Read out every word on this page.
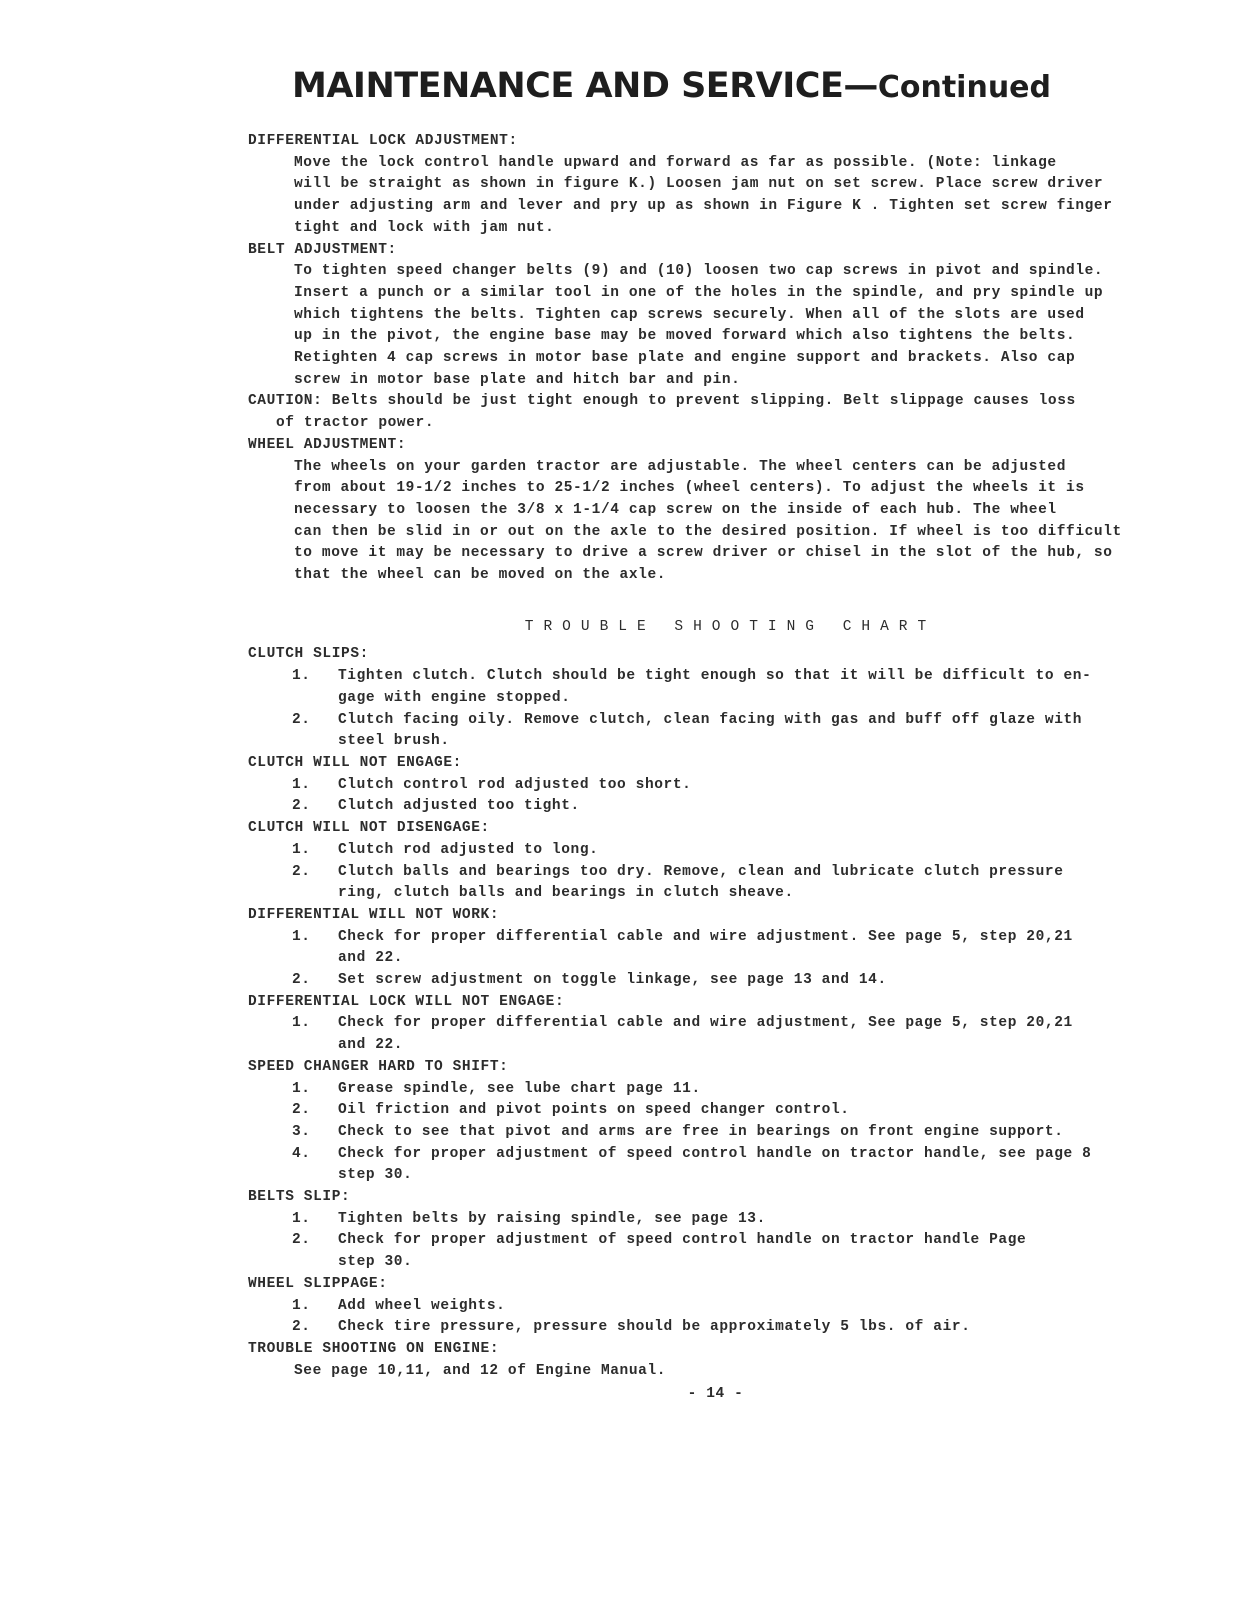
MAINTENANCE AND SERVICE—Continued
DIFFERENTIAL LOCK ADJUSTMENT:
Move the lock control handle upward and forward as far as possible. (Note: linkage
will be straight as shown in figure K.) Loosen jam nut on set screw. Place screw driver
under adjusting arm and lever and pry up as shown in Figure K . Tighten set screw finger
tight and lock with jam nut.
BELT ADJUSTMENT:
To tighten speed changer belts (9) and (10) loosen two cap screws in pivot and spindle.
Insert a punch or a similar tool in one of the holes in the spindle, and pry spindle up
which tightens the belts. Tighten cap screws securely. When all of the slots are used
up in the pivot, the engine base may be moved forward which also tightens the belts.
Retighten 4 cap screws in motor base plate and engine support and brackets. Also cap
screw in motor base plate and hitch bar and pin.
CAUTION: Belts should be just tight enough to prevent slipping. Belt slippage causes loss
of tractor power.
WHEEL ADJUSTMENT:
The wheels on your garden tractor are adjustable. The wheel centers can be adjusted
from about 19-1/2 inches to 25-1/2 inches (wheel centers). To adjust the wheels it is
necessary to loosen the 3/8 x 1-1/4 cap screw on the inside of each hub. The wheel
can then be slid in or out on the axle to the desired position. If wheel is too difficult
to move it may be necessary to drive a screw driver or chisel in the slot of the hub, so
that the wheel can be moved on the axle.
TROUBLE SHOOTING CHART
CLUTCH SLIPS:
1.	Tighten clutch. Clutch should be tight enough so that it will be difficult to en-
gage with engine stopped.
2.	Clutch facing oily. Remove clutch, clean facing with gas and buff off glaze with
steel brush.
CLUTCH WILL NOT ENGAGE:
1.	Clutch control rod adjusted too short.
2.	Clutch adjusted too tight.
CLUTCH WILL NOT DISENGAGE:
1.	Clutch rod adjusted to long.
2.	Clutch balls and bearings too dry. Remove, clean and lubricate clutch pressure
ring, clutch balls and bearings in clutch sheave.
DIFFERENTIAL WILL NOT WORK:
1.	Check for proper differential cable and wire adjustment. See page 5, step 20,21
and 22.
2.	Set screw adjustment on toggle linkage, see page 13 and 14.
DIFFERENTIAL LOCK WILL NOT ENGAGE:
1.	Check for proper differential cable and wire adjustment, See page 5, step 20,21
and 22.
SPEED CHANGER HARD TO SHIFT:
1.	Grease spindle, see lube chart page 11.
2.	Oil friction and pivot points on speed changer control.
3.	Check to see that pivot and arms are free in bearings on front engine support.
4.	Check for proper adjustment of speed control handle on tractor handle, see page 8
step 30.
BELTS SLIP:
1.	Tighten belts by raising spindle, see page 13.
2.	Check for proper adjustment of speed control handle on tractor handle Page
step 30.
WHEEL SLIPPAGE:
1.	Add wheel weights.
2.	Check tire pressure, pressure should be approximately 5 lbs. of air.
TROUBLE SHOOTING ON ENGINE:
See page 10,11, and 12 of Engine Manual.
- 14 -
